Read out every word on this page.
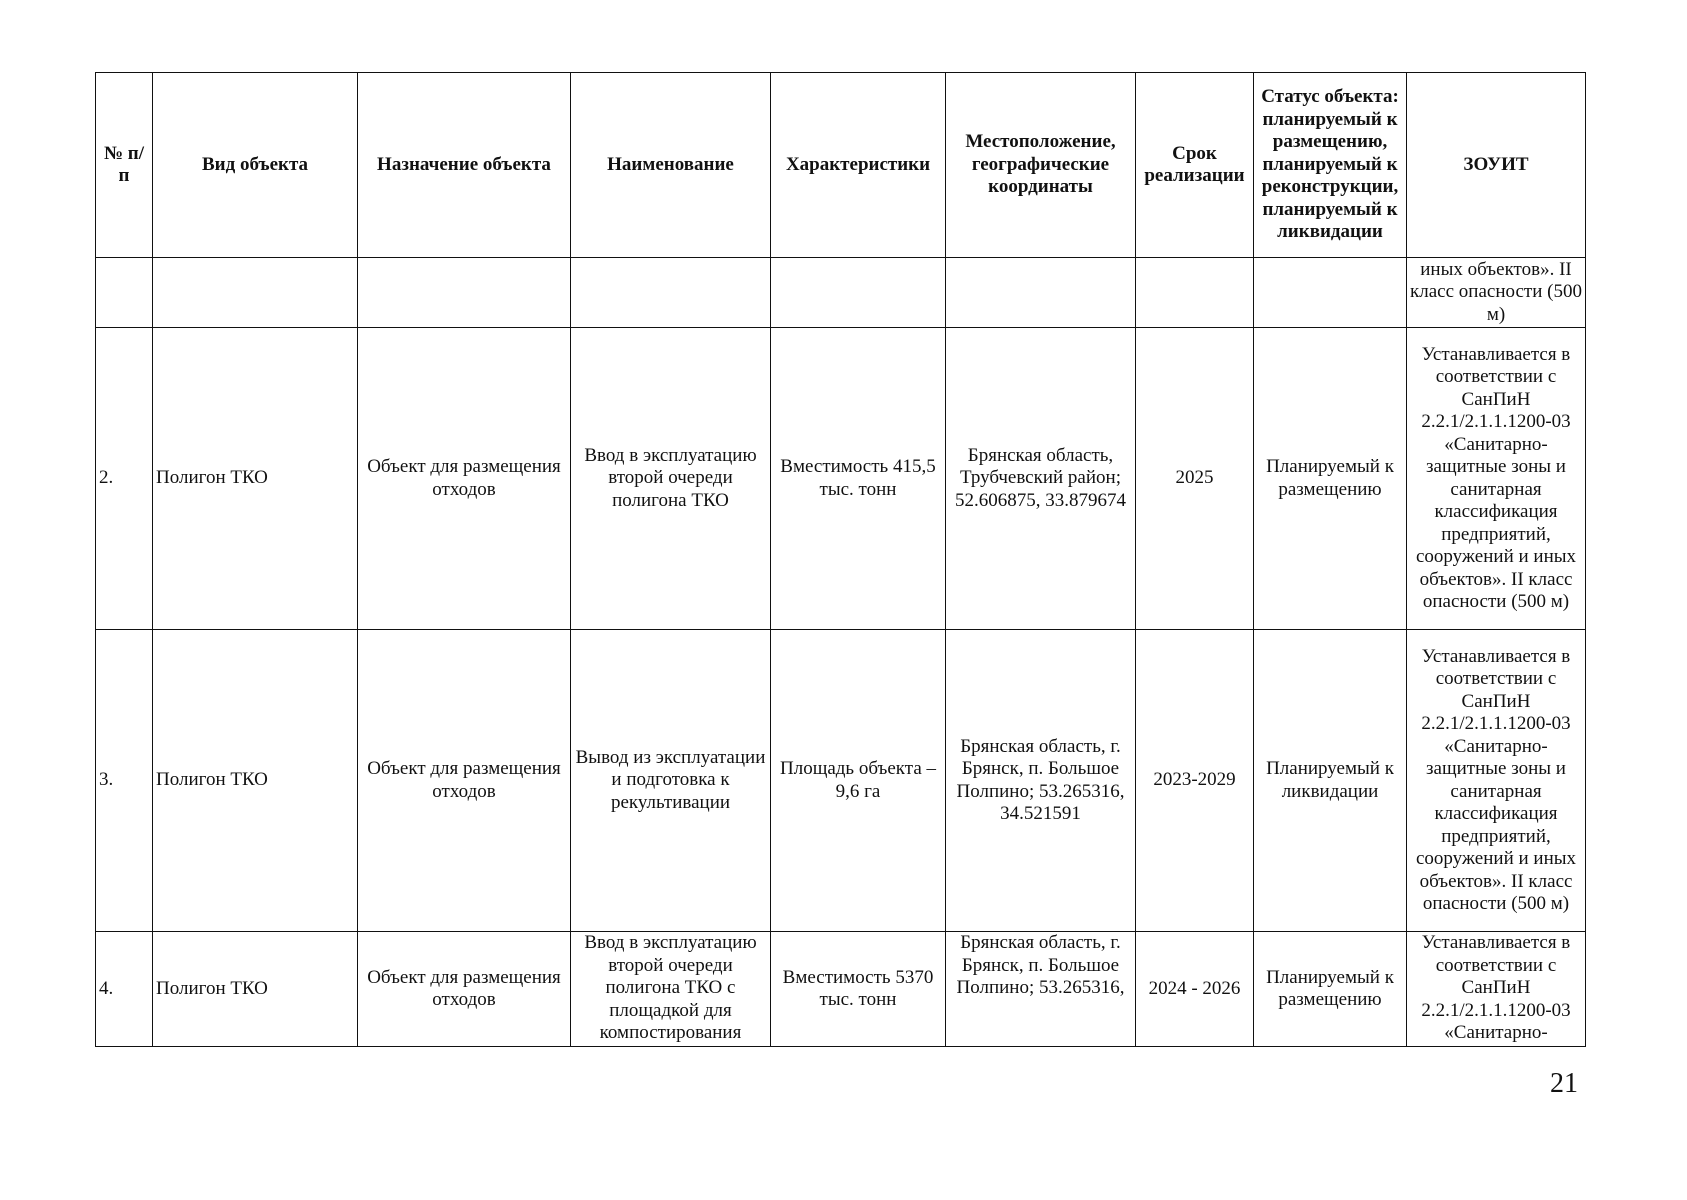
№ п/п	Вид объекта	Назначение объекта	Наименование	Характеристики	Местоположение, географические координаты	Срок реализации	Статус объекта: планируемый к размещению, планируемый к реконструкции, планируемый к ликвидации	ЗОУИТ
								иных объектов». II класс опасности (500 м)
2.	Полигон ТКО	Объект для размещения отходов	Ввод в эксплуатацию второй очереди полигона ТКО	Вместимость 415,5 тыс. тонн	Брянская область, Трубчевский район; 52.606875, 33.879674	2025	Планируемый к размещению	Устанавливается в соответствии с СанПиН 2.2.1/2.1.1.1200-03 «Санитарно-защитные зоны и санитарная классификация предприятий, сооружений и иных объектов». II класс опасности (500 м)
3.	Полигон ТКО	Объект для размещения отходов	Вывод из эксплуатации и подготовка к рекультивации	Площадь объекта – 9,6 га	Брянская область, г. Брянск, п. Большое Полпино; 53.265316, 34.521591	2023-2029	Планируемый к ликвидации	Устанавливается в соответствии с СанПиН 2.2.1/2.1.1.1200-03 «Санитарно-защитные зоны и санитарная классификация предприятий, сооружений и иных объектов». II класс опасности (500 м)
4.	Полигон ТКО	Объект для размещения отходов	Ввод в эксплуатацию второй очереди полигона ТКО с площадкой для компостирования	Вместимость 5370 тыс. тонн	Брянская область, г. Брянск, п. Большое Полпино; 53.265316,	2024 - 2026	Планируемый к размещению	Устанавливается в соответствии с СанПиН 2.2.1/2.1.1.1200-03 «Санитарно-
21
